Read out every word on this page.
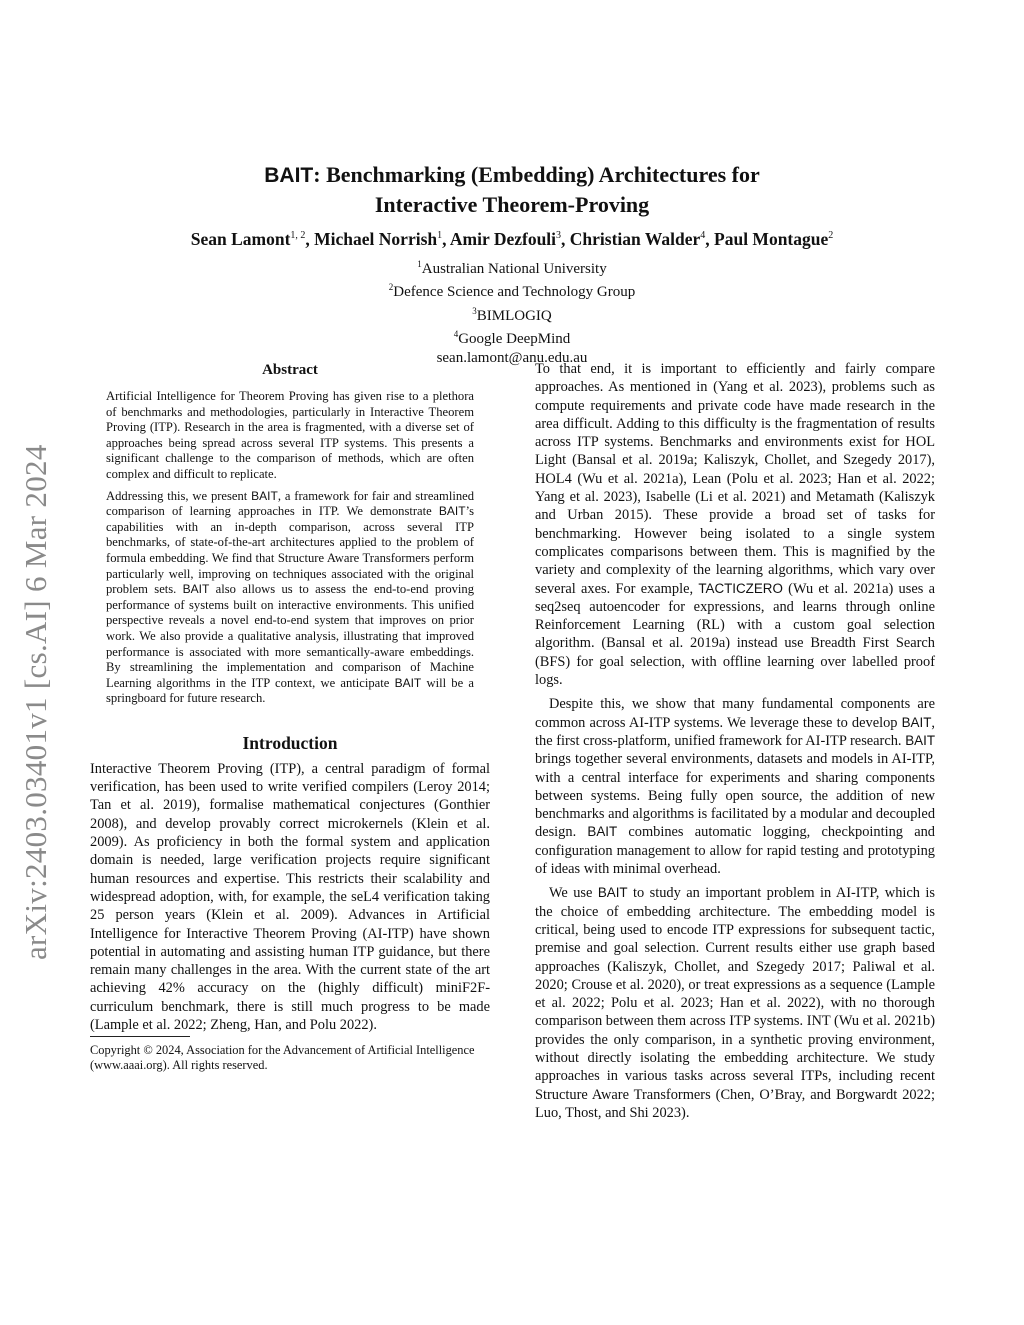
arXiv:2403.03401v1 [cs.AI] 6 Mar 2024
BAIT: Benchmarking (Embedding) Architectures for
Interactive Theorem-Proving
Sean Lamont$^{1, 2}$, Michael Norrish$^1$, Amir Dezfouli$^3$, Christian Walder$^4$, Paul Montague$^2$
$^1$Australian National University
$^2$Defence Science and Technology Group
$^3$BIMLOGIQ
$^4$Google DeepMind
sean.lamont@anu.edu.au
Abstract

Artificial Intelligence for Theorem Proving has given rise to a plethora of benchmarks and methodologies, particularly in Interactive Theorem Proving (ITP). Research in the area is fragmented, with a diverse set of approaches being spread across several ITP systems. This presents a significant challenge to the comparison of methods, which are often complex and difficult to replicate.

Addressing this, we present BAIT, a framework for fair and streamlined comparison of learning approaches in ITP. We demonstrate BAIT’s capabilities with an in-depth comparison, across several ITP benchmarks, of state-of-the-art architectures applied to the problem of formula embedding. We find that Structure Aware Transformers perform particularly well, improving on techniques associated with the original problem sets. BAIT also allows us to assess the end-to-end proving performance of systems built on interactive environments. This unified perspective reveals a novel end-to-end system that improves on prior work. We also provide a qualitative analysis, illustrating that improved performance is associated with more semantically-aware embeddings. By streamlining the implementation and comparison of Machine Learning algorithms in the ITP context, we anticipate BAIT will be a springboard for future research.

Introduction

Interactive Theorem Proving (ITP), a central paradigm of formal verification, has been used to write verified compilers (Leroy 2014; Tan et al. 2019), formalise mathematical conjectures (Gonthier 2008), and develop provably correct microkernels (Klein et al. 2009). As proficiency in both the formal system and application domain is needed, large verification projects require significant human resources and expertise. This restricts their scalability and widespread adoption, with, for example, the seL4 verification taking 25 person years (Klein et al. 2009). Advances in Artificial Intelligence for Interactive Theorem Proving (AI-ITP) have shown potential in automating and assisting human ITP guidance, but there remain many challenges in the area. With the current state of the art achieving 42% accuracy on the (highly difficult) miniF2F-curriculum benchmark, there is still much progress to be made (Lample et al. 2022; Zheng, Han, and Polu 2022).

Copyright © 2024, Association for the Advancement of Artificial Intelligence (www.aaai.org). All rights reserved.

To that end, it is important to efficiently and fairly compare approaches. As mentioned in (Yang et al. 2023), problems such as compute requirements and private code have made research in the area difficult. Adding to this difficulty is the fragmentation of results across ITP systems. Benchmarks and environments exist for HOL Light (Bansal et al. 2019a; Kaliszyk, Chollet, and Szegedy 2017), HOL4 (Wu et al. 2021a), Lean (Polu et al. 2023; Han et al. 2022; Yang et al. 2023), Isabelle (Li et al. 2021) and Metamath (Kaliszyk and Urban 2015). These provide a broad set of tasks for benchmarking. However being isolated to a single system complicates comparisons between them. This is magnified by the variety and complexity of the learning algorithms, which vary over several axes. For example, TACTICZERO (Wu et al. 2021a) uses a seq2seq autoencoder for expressions, and learns through online Reinforcement Learning (RL) with a custom goal selection algorithm. (Bansal et al. 2019a) instead use Breadth First Search (BFS) for goal selection, with offline learning over labelled proof logs.

Despite this, we show that many fundamental components are common across AI-ITP systems. We leverage these to develop BAIT, the first cross-platform, unified framework for AI-ITP research. BAIT brings together several environments, datasets and models in AI-ITP, with a central interface for experiments and sharing components between systems. Being fully open source, the addition of new benchmarks and algorithms is facilitated by a modular and decoupled design. BAIT combines automatic logging, checkpointing and configuration management to allow for rapid testing and prototyping of ideas with minimal overhead.

We use BAIT to study an important problem in AI-ITP, which is the choice of embedding architecture. The embedding model is critical, being used to encode ITP expressions for subsequent tactic, premise and goal selection. Current results either use graph based approaches (Kaliszyk, Chollet, and Szegedy 2017; Paliwal et al. 2020; Crouse et al. 2020), or treat expressions as a sequence (Lample et al. 2022; Polu et al. 2023; Han et al. 2022), with no thorough comparison between them across ITP systems. INT (Wu et al. 2021b) provides the only comparison, in a synthetic proving environment, without directly isolating the embedding architecture. We study approaches in various tasks across several ITPs, including recent Structure Aware Transformers (Chen, O’Bray, and Borgwardt 2022; Luo, Thost, and Shi 2023).
